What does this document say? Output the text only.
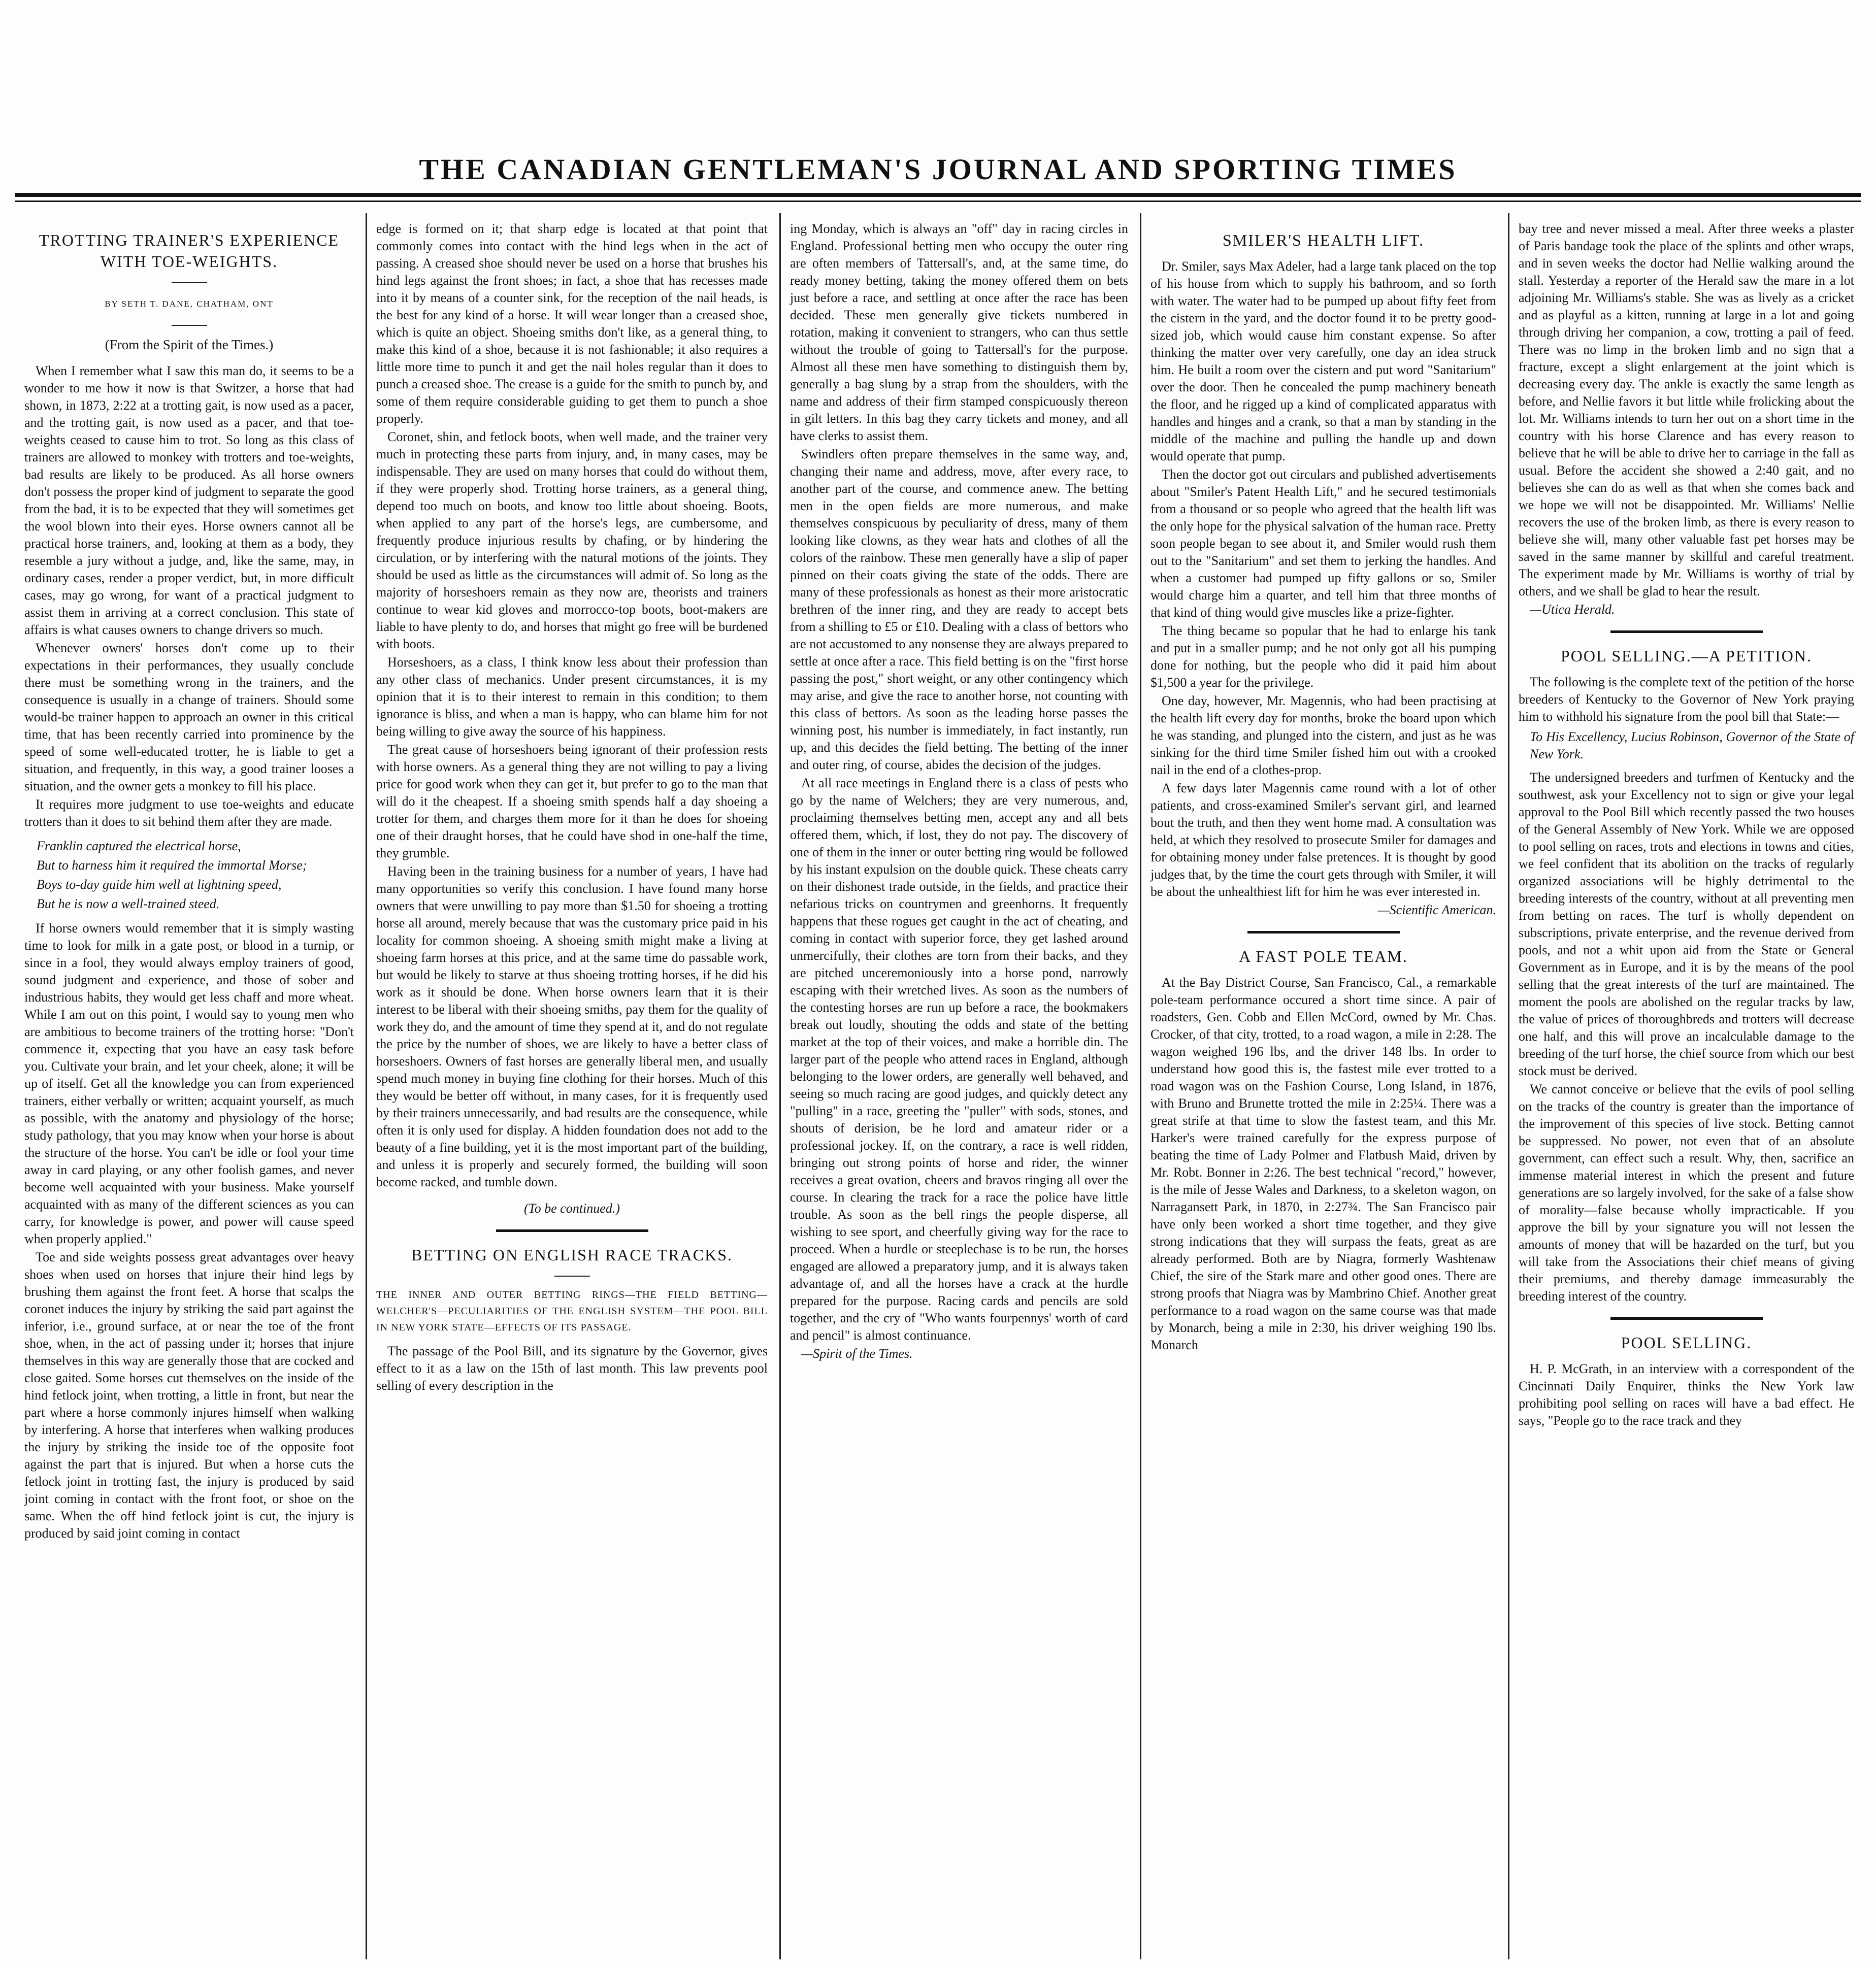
THE CANADIAN GENTLEMAN'S JOURNAL AND SPORTING TIMES
TROTTING TRAINER'S EXPERIENCE WITH TOE-WEIGHTS.
BY SETH T. DANE, CHATHAM, ONT
(From the Spirit of the Times.)

When I remember what I saw this man do, it seems to be a wonder to me how it now is that Switzer, a horse that had shown, in 1873, 2:22 at a trotting gait, is now used as a pacer, and the trotting gait, is now used as a pacer, and that toe-weights ceased to cause him to trot. So long as this class of trainers are allowed to monkey with trotters and toe-weights, bad results are likely to be produced. As all horse owners don't possess the proper kind of judgment to separate the good from the bad, it is to be expected that they will sometimes get the wool blown into their eyes. Horse owners cannot all be practical horse trainers, and, looking at them as a body, they resemble a jury without a judge, and, like the same, may, in ordinary cases, render a proper verdict, but, in more difficult cases, may go wrong, for want of a practical judgment to assist them in arriving at a correct conclusion. This state of affairs is what causes owners to change drivers so much.

Whenever owners' horses don't come up to their expectations in their performances, they usually conclude there must be something wrong in the trainers, and the consequence is usually in a change of trainers. Should some would-be trainer happen to approach an owner in this critical time, that has been recently carried into prominence by the speed of some well-educated trotter, he is liable to get a situation, and frequently, in this way, a good trainer looses a situation, and the owner gets a monkey to fill his place.

It requires more judgment to use toe-weights and educate trotters than it does to sit behind them after they are made.

Franklin captured the electrical horse,
But to harness him it required the immortal Morse;
Boys to-day guide him well at lightning speed,
But he is now a well-trained steed.

If horse owners would remember that it is simply wasting time to look for milk in a gate post, or blood in a turnip, or since in a fool, they would always employ trainers of good, sound judgment and experience, and those of sober and industrious habits, they would get less chaff and more wheat. While I am out on this point, I would say to young men who are ambitious to become trainers of the trotting horse: "Don't commence it, expecting that you have an easy task before you. Cultivate your brain, and let your cheek, alone; it will be up of itself. Get all the knowledge you can from experienced trainers, either verbally or written; acquaint yourself, as much as possible, with the anatomy and physiology of the horse; study pathology, that you may know when your horse is about the structure of the horse. You can't be idle or fool your time away in card playing, or any other foolish games, and never become well acquainted with your business. Make yourself acquainted with as many of the different sciences as you can carry, for knowledge is power, and power will cause speed when properly applied."

Toe and side weights possess great advantages over heavy shoes when used on horses that injure their hind legs by brushing them against the front feet. A horse that scalps the coronet induces the injury by striking the said part against the inferior, i.e., ground surface, at or near the toe of the front shoe, when, in the act of passing under it; horses that injure themselves in this way are generally those that are cocked and close gaited. Some horses cut themselves on the inside of the hind fetlock joint, when trotting, a little in front, but near the part where a horse commonly injures himself when walking by interfering. A horse that interferes when walking produces the injury by striking the inside toe of the opposite foot against the part that is injured. But when a horse cuts the fetlock joint in trotting fast, the injury is produced by said joint coming in contact with the front foot, or shoe on the same. When the off hind fetlock joint is cut, the injury is produced by said joint coming in contact

edge is formed on it; that sharp edge is located at that point that commonly comes into contact with the hind legs when in the act of passing. A creased shoe should never be used on a horse that brushes his hind legs against the front shoes; in fact, a shoe that has recesses made into it by means of a counter sink, for the reception of the nail heads, is the best for any kind of a horse. It will wear longer than a creased shoe, which is quite an object. Shoeing smiths don't like, as a general thing, to make this kind of a shoe, because it is not fashionable; it also requires a little more time to punch it and get the nail holes regular than it does to punch a creased shoe. The crease is a guide for the smith to punch by, and some of them require considerable guiding to get them to punch a shoe properly.

Coronet, shin, and fetlock boots, when well made, and the trainer very much in protecting these parts from injury, and, in many cases, may be indispensable. They are used on many horses that could do without them, if they were properly shod. Trotting horse trainers, as a general thing, depend too much on boots, and know too little about shoeing. Boots, when applied to any part of the horse's legs, are cumbersome, and frequently produce injurious results by chafing, or by hindering the circulation, or by interfering with the natural motions of the joints. They should be used as little as the circumstances will admit of. So long as the majority of horseshoers remain as they now are, theorists and trainers continue to wear kid gloves and morrocco-top boots, boot-makers are liable to have plenty to do, and horses that might go free will be burdened with boots.

Horseshoers, as a class, I think know less about their profession than any other class of mechanics. Under present circumstances, it is my opinion that it is to their interest to remain in this condition; to them ignorance is bliss, and when a man is happy, who can blame him for not being willing to give away the source of his happiness.

The great cause of horseshoers being ignorant of their profession rests with horse owners. As a general thing they are not willing to pay a living price for good work when they can get it, but prefer to go to the man that will do it the cheapest. If a shoeing smith spends half a day shoeing a trotter for them, and charges them more for it than he does for shoeing one of their draught horses, that he could have shod in one-half the time, they grumble.

Having been in the training business for a number of years, I have had many opportunities so verify this conclusion. I have found many horse owners that were unwilling to pay more than $1.50 for shoeing a trotting horse all around, merely because that was the customary price paid in his locality for common shoeing. A shoeing smith might make a living at shoeing farm horses at this price, and at the same time do passable work, but would be likely to starve at thus shoeing trotting horses, if he did his work as it should be done. When horse owners learn that it is their interest to be liberal with their shoeing smiths, pay them for the quality of work they do, and the amount of time they spend at it, and do not regulate the price by the number of shoes, we are likely to have a better class of horseshoers. Owners of fast horses are generally liberal men, and usually spend much money in buying fine clothing for their horses. Much of this they would be better off without, in many cases, for it is frequently used by their trainers unnecessarily, and bad results are the consequence, while often it is only used for display. A hidden foundation does not add to the beauty of a fine building, yet it is the most important part of the building, and unless it is properly and securely formed, the building will soon become racked, and tumble down.

(To be continued.)
BETTING ON ENGLISH RACE TRACKS.
THE INNER AND OUTER BETTING RINGS—THE FIELD BETTING—WELCHER'S—PECULIARITIES OF THE ENGLISH SYSTEM—THE POOL BILL IN NEW YORK STATE—EFFECTS OF ITS PASSAGE.

The passage of the Pool Bill, and its signature by the Governor, gives effect to it as a law on the 15th of last month. This law prevents pool selling of every description in the

ing Monday, which is always an "off" day in racing circles in England. Professional betting men who occupy the outer ring are often members of Tattersall's, and, at the same time, do ready money betting, taking the money offered them on bets just before a race, and settling at once after the race has been decided. These men generally give tickets numbered in rotation, making it convenient to strangers, who can thus settle without the trouble of going to Tattersall's for the purpose. Almost all these men have something to distinguish them by, generally a bag slung by a strap from the shoulders, with the name and address of their firm stamped conspicuously thereon in gilt letters. In this bag they carry tickets and money, and all have clerks to assist them.

Swindlers often prepare themselves in the same way, and, changing their name and address, move, after every race, to another part of the course, and commence anew. The betting men in the open fields are more numerous, and make themselves conspicuous by peculiarity of dress, many of them looking like clowns, as they wear hats and clothes of all the colors of the rainbow. These men generally have a slip of paper pinned on their coats giving the state of the odds. There are many of these professionals as honest as their more aristocratic brethren of the inner ring, and they are ready to accept bets from a shilling to £5 or £10. Dealing with a class of bettors who are not accustomed to any nonsense they are always prepared to settle at once after a race. This field betting is on the "first horse passing the post," short weight, or any other contingency which may arise, and give the race to another horse, not counting with this class of bettors. As soon as the leading horse passes the winning post, his number is immediately, in fact instantly, run up, and this decides the field betting. The betting of the inner and outer ring, of course, abides the decision of the judges.

At all race meetings in England there is a class of pests who go by the name of Welchers; they are very numerous, and, proclaiming themselves betting men, accept any and all bets offered them, which, if lost, they do not pay. The discovery of one of them in the inner or outer betting ring would be followed by his instant expulsion on the double quick. These cheats carry on their dishonest trade outside, in the fields, and practice their nefarious tricks on countrymen and greenhorns. It frequently happens that these rogues get caught in the act of cheating, and coming in contact with superior force, they get lashed around unmercifully, their clothes are torn from their backs, and they are pitched unceremoniously into a horse pond, narrowly escaping with their wretched lives. As soon as the numbers of the contesting horses are run up before a race, the bookmakers break out loudly, shouting the odds and state of the betting market at the top of their voices, and make a horrible din. The larger part of the people who attend races in England, although belonging to the lower orders, are generally well behaved, and seeing so much racing are good judges, and quickly detect any "pulling" in a race, greeting the "puller" with sods, stones, and shouts of derision, be he lord and amateur rider or a professional jockey. If, on the contrary, a race is well ridden, bringing out strong points of horse and rider, the winner receives a great ovation, cheers and bravos ringing all over the course. In clearing the track for a race the police have little trouble. As soon as the bell rings the people disperse, all wishing to see sport, and cheerfully giving way for the race to proceed. When a hurdle or steeplechase is to be run, the horses engaged are allowed a preparatory jump, and it is always taken advantage of, and all the horses have a crack at the hurdle prepared for the purpose. Racing cards and pencils are sold together, and the cry of "Who wants fourpennys' worth of card and pencil" is almost continuance.

—Spirit of the Times.

SMILER'S HEALTH LIFT.

Dr. Smiler, says Max Adeler, had a large tank placed on the top of his house from which to supply his bathroom, and so forth with water. The water had to be pumped up about fifty feet from the cistern in the yard, and the doctor found it to be pretty good-sized job, which would cause him constant expense. So after thinking the matter over very carefully, one day an idea struck him. He built a room over the cistern and put word "Sanitarium" over the door. Then he concealed the pump machinery beneath the floor, and he rigged up a kind of complicated apparatus with handles and hinges and a crank, so that a man by standing in the middle of the machine and pulling the handle up and down would operate that pump.

Then the doctor got out circulars and published advertisements about "Smiler's Patent Health Lift," and he secured testimonials from a thousand or so people who agreed that the health lift was the only hope for the physical salvation of the human race. Pretty soon people began to see about it, and Smiler would rush them out to the "Sanitarium" and set them to jerking the handles. And when a customer had pumped up fifty gallons or so, Smiler would charge him a quarter, and tell him that three months of that kind of thing would give muscles like a prize-fighter.

The thing became so popular that he had to enlarge his tank and put in a smaller pump; and he not only got all his pumping done for nothing, but the people who did it paid him about $1,500 a year for the privilege.

One day, however, Mr. Magennis, who had been practising at the health lift every day for months, broke the board upon which he was standing, and plunged into the cistern, and just as he was sinking for the third time Smiler fished him out with a crooked nail in the end of a clothes-prop.

A few days later Magennis came round with a lot of other patients, and cross-examined Smiler's servant girl, and learned bout the truth, and then they went home mad. A consultation was held, at which they resolved to prosecute Smiler for damages and for obtaining money under false pretences. It is thought by good judges that, by the time the court gets through with Smiler, it will be about the unhealthiest lift for him he was ever interested in.

—Scientific American.

A FAST POLE TEAM.

At the Bay District Course, San Francisco, Cal., a remarkable pole-team performance occured a short time since. A pair of roadsters, Gen. Cobb and Ellen McCord, owned by Mr. Chas. Crocker, of that city, trotted, to a road wagon, a mile in 2:28. The wagon weighed 196 lbs, and the driver 148 lbs. In order to understand how good this is, the fastest mile ever trotted to a road wagon was on the Fashion Course, Long Island, in 1876, with Bruno and Brunette trotted the mile in 2:25¼. There was a great strife at that time to slow the fastest team, and this Mr. Harker's were trained carefully for the express purpose of beating the time of Lady Polmer and Flatbush Maid, driven by Mr. Robt. Bonner in 2:26. The best technical "record," however, is the mile of Jesse Wales and Darkness, to a skeleton wagon, on Narragansett Park, in 1870, in 2:27¾. The San Francisco pair have only been worked a short time together, and they give strong indications that they will surpass the feats, great as are already performed. Both are by Niagra, formerly Washtenaw Chief, the sire of the Stark mare and other good ones. There are strong proofs that Niagra was by Mambrino Chief. Another great performance to a road wagon on the same course was that made by Monarch, being a mile in 2:30, his driver weighing 190 lbs. Monarch

bay tree and never missed a meal. After three weeks a plaster of Paris bandage took the place of the splints and other wraps, and in seven weeks the doctor had Nellie walking around the stall. Yesterday a reporter of the Herald saw the mare in a lot adjoining Mr. Williams's stable. She was as lively as a cricket and as playful as a kitten, running at large in a lot and going through driving her companion, a cow, trotting a pail of feed. There was no limp in the broken limb and no sign that a fracture, except a slight enlargement at the joint which is decreasing every day. The ankle is exactly the same length as before, and Nellie favors it but little while frolicking about the lot. Mr. Williams intends to turn her out on a short time in the country with his horse Clarence and has every reason to believe that he will be able to drive her to carriage in the fall as usual. Before the accident she showed a 2:40 gait, and no believes she can do as well as that when she comes back and we hope we will not be disappointed. Mr. Williams' Nellie recovers the use of the broken limb, as there is every reason to believe she will, many other valuable fast pet horses may be saved in the same manner by skillful and careful treatment. The experiment made by Mr. Williams is worthy of trial by others, and we shall be glad to hear the result.

—Utica Herald.

POOL SELLING.—A PETITION.

The following is the complete text of the petition of the horse breeders of Kentucky to the Governor of New York praying him to withhold his signature from the pool bill that State:—

To His Excellency, Lucius Robinson, Governor of the State of New York.

The undersigned breeders and turfmen of Kentucky and the southwest, ask your Excellency not to sign or give your legal approval to the Pool Bill which recently passed the two houses of the General Assembly of New York. While we are opposed to pool selling on races, trots and elections in towns and cities, we feel confident that its abolition on the tracks of regularly organized associations will be highly detrimental to the breeding interests of the country, without at all preventing men from betting on races. The turf is wholly dependent on subscriptions, private enterprise, and the revenue derived from pools, and not a whit upon aid from the State or General Government as in Europe, and it is by the means of the pool selling that the great interests of the turf are maintained. The moment the pools are abolished on the regular tracks by law, the value of prices of thoroughbreds and trotters will decrease one half, and this will prove an incalculable damage to the breeding of the turf horse, the chief source from which our best stock must be derived.

We cannot conceive or believe that the evils of pool selling on the tracks of the country is greater than the importance of the improvement of this species of live stock. Betting cannot be suppressed. No power, not even that of an absolute government, can effect such a result. Why, then, sacrifice an immense material interest in which the present and future generations are so largely involved, for the sake of a false show of morality—false because wholly impracticable. If you approve the bill by your signature you will not lessen the amounts of money that will be hazarded on the turf, but you will take from the Associations their chief means of giving their premiums, and thereby damage immeasurably the breeding interest of the country.

POOL SELLING.

H. P. McGrath, in an interview with a correspondent of the Cincinnati Daily Enquirer, thinks the New York law prohibiting pool selling on races will have a bad effect. He says, "People go to the race track and they
